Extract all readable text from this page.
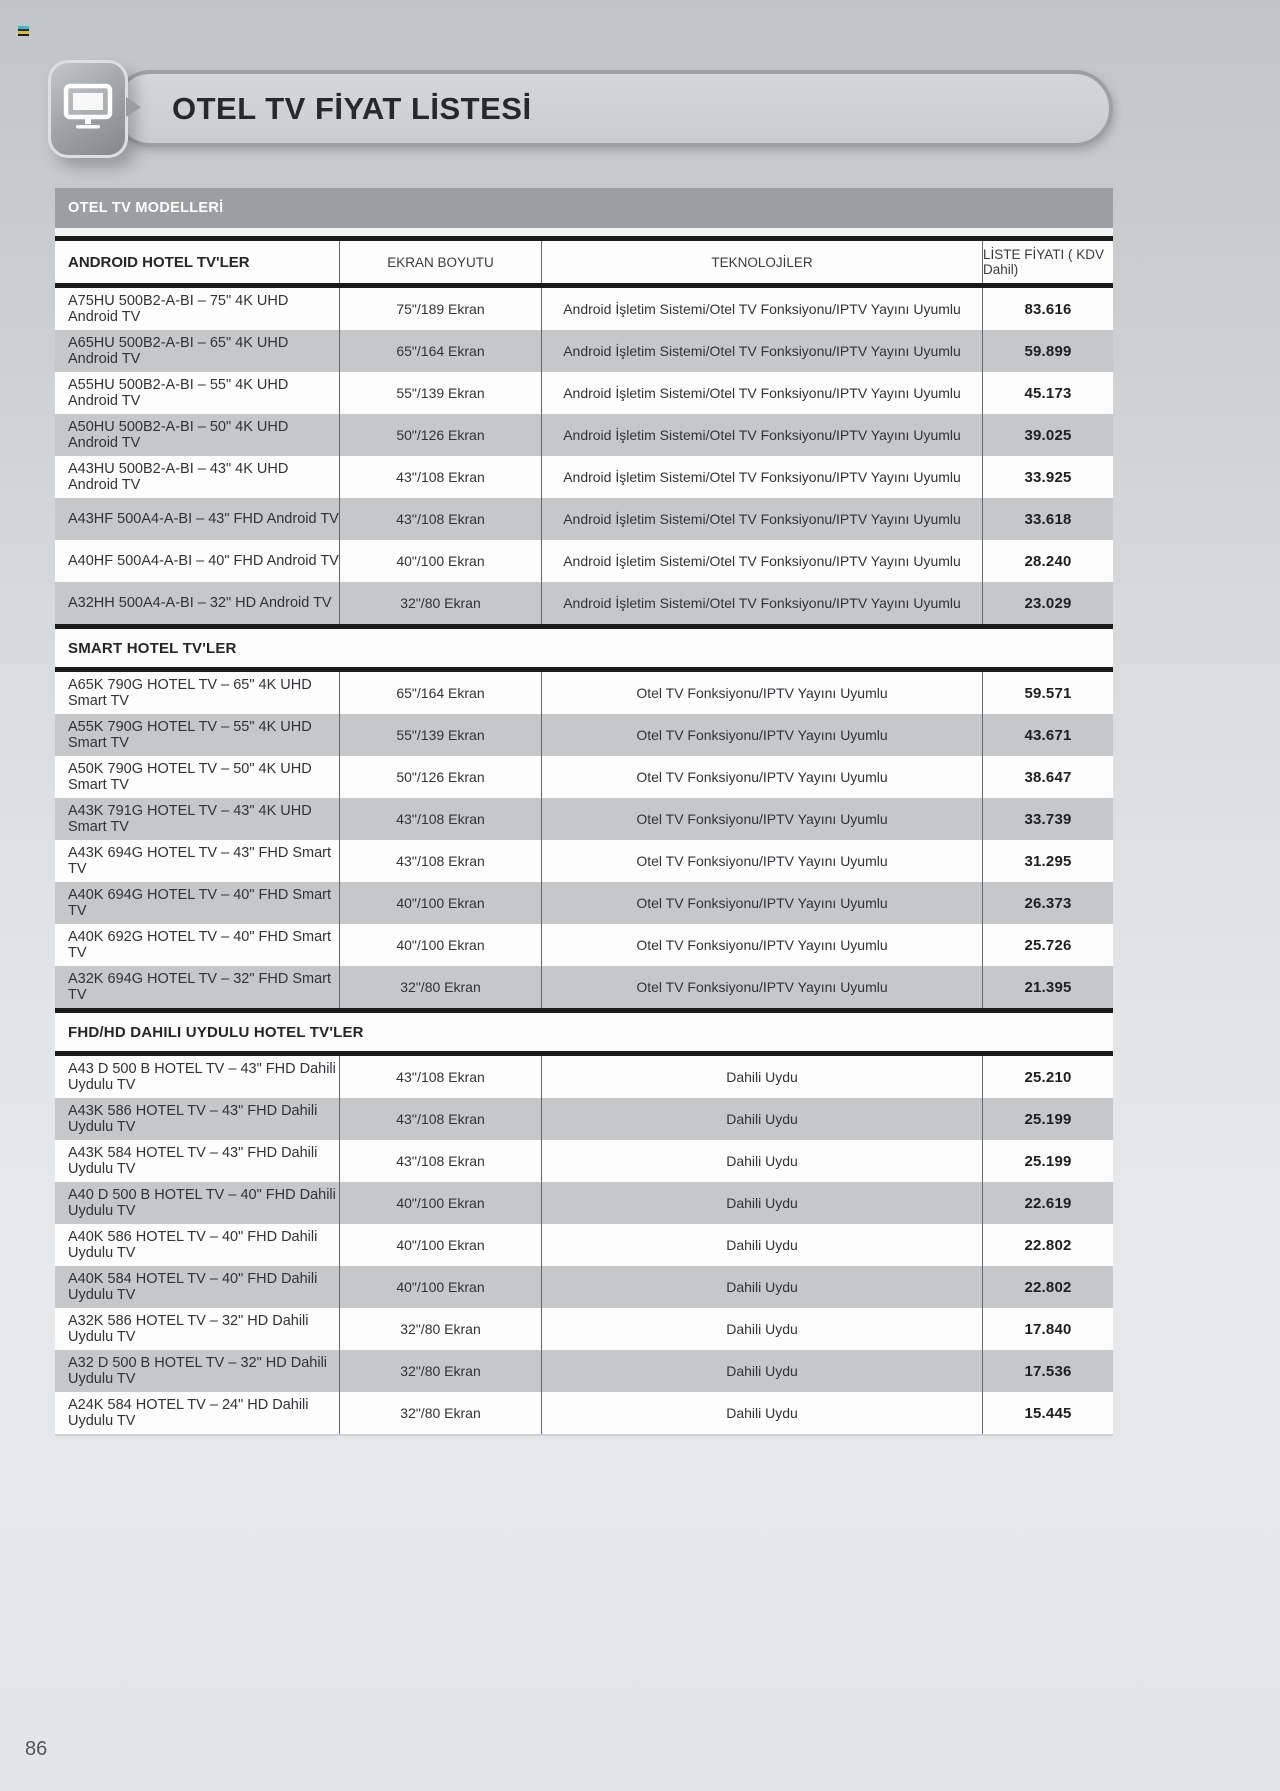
OTEL TV FİYAT LİSTESİ
OTEL TV MODELLERİ
ANDROID HOTEL TV'LER	EKRAN BOYUTU	TEKNOLOJİLER	LİSTE FİYATI ( KDV Dahil)
A75HU 500B2-A-BI – 75" 4K UHD Android TV	75"/189 Ekran	Android İşletim Sistemi/Otel TV Fonksiyonu/IPTV Yayını Uyumlu	83.616
A65HU 500B2-A-BI – 65" 4K UHD Android TV	65"/164 Ekran	Android İşletim Sistemi/Otel TV Fonksiyonu/IPTV Yayını Uyumlu	59.899
A55HU 500B2-A-BI – 55" 4K UHD Android TV	55"/139 Ekran	Android İşletim Sistemi/Otel TV Fonksiyonu/IPTV Yayını Uyumlu	45.173
A50HU 500B2-A-BI – 50" 4K UHD Android TV	50"/126 Ekran	Android İşletim Sistemi/Otel TV Fonksiyonu/IPTV Yayını Uyumlu	39.025
A43HU 500B2-A-BI – 43" 4K UHD Android TV	43''/108 Ekran	Android İşletim Sistemi/Otel TV Fonksiyonu/IPTV Yayını Uyumlu	33.925
A43HF 500A4-A-BI – 43" FHD Android TV	43''/108 Ekran	Android İşletim Sistemi/Otel TV Fonksiyonu/IPTV Yayını Uyumlu	33.618
A40HF 500A4-A-BI – 40" FHD Android TV	40"/100 Ekran	Android İşletim Sistemi/Otel TV Fonksiyonu/IPTV Yayını Uyumlu	28.240
A32HH 500A4-A-BI – 32" HD Android TV	32"/80 Ekran	Android İşletim Sistemi/Otel TV Fonksiyonu/IPTV Yayını Uyumlu	23.029
SMART HOTEL TV'LER
A65K 790G HOTEL TV – 65" 4K UHD Smart TV	65"/164 Ekran	Otel TV Fonksiyonu/IPTV Yayını Uyumlu	59.571
A55K 790G HOTEL TV – 55" 4K UHD Smart TV	55"/139 Ekran	Otel TV Fonksiyonu/IPTV Yayını Uyumlu	43.671
A50K 790G HOTEL TV – 50" 4K UHD Smart TV	50"/126 Ekran	Otel TV Fonksiyonu/IPTV Yayını Uyumlu	38.647
A43K 791G HOTEL TV – 43" 4K UHD Smart TV	43''/108 Ekran	Otel TV Fonksiyonu/IPTV Yayını Uyumlu	33.739
A43K 694G HOTEL TV – 43" FHD Smart TV	43''/108 Ekran	Otel TV Fonksiyonu/IPTV Yayını Uyumlu	31.295
A40K 694G HOTEL TV – 40" FHD Smart TV	40"/100 Ekran	Otel TV Fonksiyonu/IPTV Yayını Uyumlu	26.373
A40K 692G HOTEL TV – 40" FHD Smart TV	40"/100 Ekran	Otel TV Fonksiyonu/IPTV Yayını Uyumlu	25.726
A32K 694G HOTEL TV – 32" FHD Smart TV	32"/80 Ekran	Otel TV Fonksiyonu/IPTV Yayını Uyumlu	21.395
FHD/HD DAHILI UYDULU HOTEL TV'LER
A43 D 500 B HOTEL TV – 43" FHD Dahili Uydulu TV	43''/108 Ekran	Dahili Uydu	25.210
A43K 586 HOTEL TV – 43" FHD Dahili Uydulu TV	43''/108 Ekran	Dahili Uydu	25.199
A43K 584 HOTEL TV – 43" FHD Dahili Uydulu TV	43''/108 Ekran	Dahili Uydu	25.199
A40 D 500 B HOTEL TV – 40" FHD Dahili Uydulu TV	40"/100 Ekran	Dahili Uydu	22.619
A40K 586 HOTEL TV – 40" FHD Dahili Uydulu TV	40"/100 Ekran	Dahili Uydu	22.802
A40K 584 HOTEL TV – 40" FHD Dahili Uydulu TV	40"/100 Ekran	Dahili Uydu	22.802
A32K 586 HOTEL TV – 32" HD Dahili Uydulu TV	32"/80 Ekran	Dahili Uydu	17.840
A32 D 500 B HOTEL TV – 32" HD Dahili Uydulu TV	32"/80 Ekran	Dahili Uydu	17.536
A24K 584 HOTEL TV – 24" HD Dahili Uydulu TV	32"/80 Ekran	Dahili Uydu	15.445
86
